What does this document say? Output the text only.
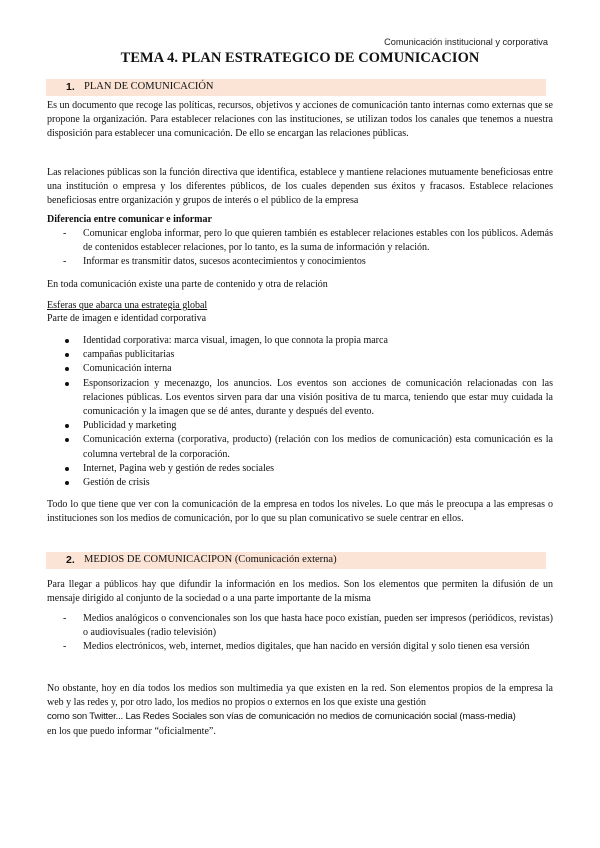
Comunicación institucional y corporativa
TEMA 4. PLAN ESTRATEGICO DE COMUNICACION
1. PLAN DE COMUNICACIÓN
Es un documento que recoge las políticas, recursos, objetivos y acciones de comunicación tanto internas como externas que se propone la organización. Para establecer relaciones con las instituciones, se utilizan todos los canales que tenemos a nuestra disposición para establecer una comunicación. De ello se encargan las relaciones públicas.
Las relaciones públicas son la función directiva que identifica, establece y mantiene relaciones mutuamente beneficiosas entre una institución o empresa y los diferentes públicos, de los cuales dependen sus éxitos y fracasos. Establece relaciones beneficiosas entre organización y grupos de interés o el público de la empresa
Diferencia entre comunicar e informar
- Comunicar engloba informar, pero lo que quieren también es establecer relaciones estables con los públicos. Además de contenidos establecer relaciones, por lo tanto, es la suma de información y relación.
- Informar es transmitir datos, sucesos acontecimientos y conocimientos
En toda comunicación existe una parte de contenido y otra de relación
Esferas que abarca una estrategia global
Parte de imagen e identidad corporativa
Identidad corporativa: marca visual, imagen, lo que connota la propia marca
campañas publicitarias
Comunicación interna
Esponsorizacion y mecenazgo, los anuncios. Los eventos son acciones de comunicación relacionadas con las relaciones públicas. Los eventos sirven para dar una visión positiva de tu marca, teniendo que estar muy cuidada la comunicación y la imagen que se dé antes, durante y después del evento.
Publicidad y marketing
Comunicación externa (corporativa, producto) (relación con los medios de comunicación) esta comunicación es la columna vertebral de la corporación.
Internet, Pagina web y gestión de redes sociales
Gestión de crisis
Todo lo que tiene que ver con la comunicación de la empresa en todos los niveles. Lo que más le preocupa a las empresas o instituciones son los medios de comunicación, por lo que su plan comunicativo se suele centrar en ellos.
2. MEDIOS DE COMUNICACIPON (Comunicación externa)
Para llegar a públicos hay que difundir la información en los medios. Son los elementos que permiten la difusión de un mensaje dirigido al conjunto de la sociedad o a una parte importante de la misma
- Medios analógicos o convencionales son los que hasta hace poco existían, pueden ser impresos (periódicos, revistas) o audiovisuales (radio televisión)
- Medios electrónicos, web, internet, medios digitales, que han nacido en versión digital y solo tienen esa versión
No obstante, hoy en día todos los medios son multimedia ya que existen en la red. Son elementos propios de la empresa la web y las redes y, por otro lado, los medios no propios o externos en los que existe una gestión
como son Twitter... Las Redes Sociales son vías de comunicación no medios de comunicación social (mass-media)
en los que puedo informar “oficialmente”.
